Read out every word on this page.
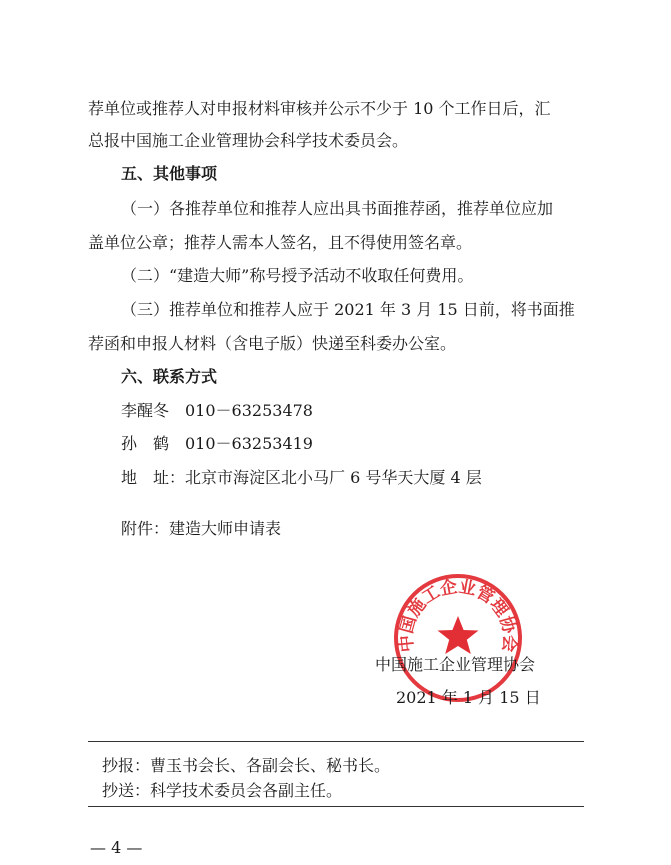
荐单位或推荐人对申报材料审核并公示不少于 10 个工作日后，汇
总报中国施工企业管理协会科学技术委员会。
五、其他事项
（一）各推荐单位和推荐人应出具书面推荐函，推荐单位应加
盖单位公章；推荐人需本人签名，且不得使用签名章。
（二）“建造大师”称号授予活动不收取任何费用。
（三）推荐单位和推荐人应于 2021 年 3 月 15 日前，将书面推
荐函和申报人材料（含电子版）快递至科委办公室。
六、联系方式
李醒冬　010－63253478
孙　鹤　010－63253419
地　址：北京市海淀区北小马厂 6 号华天大厦 4 层
附件：建造大师申请表
中国施工企业管理协会
中国施工企业管理协会
2021 年 1 月 15 日
抄报：曹玉书会长、各副会长、秘书长。
抄送：科学技术委员会各副主任。
— 4 —
